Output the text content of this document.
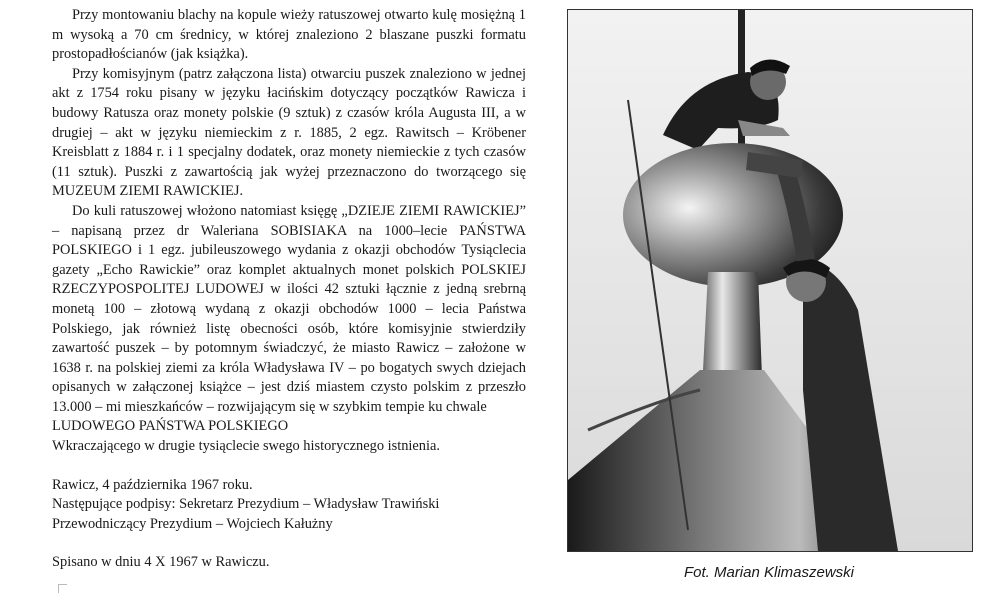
Przy montowaniu blachy na kopule wieży ratuszowej otwarto kulę mosiężną 1 m wysoką a 70 cm średnicy, w której znaleziono 2 blaszane puszki formatu prostopadłościanów (jak książka).

Przy komisyjnym (patrz załączona lista) otwarciu puszek znaleziono w jednej akt z 1754 roku pisany w języku łacińskim dotyczący początków Rawicza i budowy Ratusza oraz monety polskie (9 sztuk) z czasów króla Augusta III, a w drugiej – akt w języku niemieckim z r. 1885, 2 egz. Rawitsch – Kröbener Kreisblatt z 1884 r. i 1 specjalny dodatek, oraz monety niemieckie z tych czasów (11 sztuk). Puszki z zawartością jak wyżej przeznaczono do tworzącego się MUZEUM ZIEMI RAWICKIEJ.

Do kuli ratuszowej włożono natomiast księgę „DZIEJE ZIEMI RAWICKIEJ” – napisaną przez dr Waleriana SOBISIAKA na 1000–lecie PAŃSTWA POLSKIEGO i 1 egz. jubileuszowego wydania z okazji obchodów Tysiąclecia gazety „Echo Rawickie” oraz komplet aktualnych monet polskich POLSKIEJ RZECZYPOSPOLITEJ LUDOWEJ w ilości 42 sztuki łącznie z jedną srebrną monetą 100 – złotową wydaną z okazji obchodów 1000 – lecia Państwa Polskiego, jak również listę obecności osób, które komisyjnie stwierdziły zawartość puszek – by potomnym świadczyć, że miasto Rawicz – założone w 1638 r. na polskiej ziemi za króla Władysława IV – po bogatych swych dziejach opisanych w załączonej książce – jest dziś miastem czysto polskim z przeszło 13.000 – mi mieszkańców – rozwijającym się w szybkim tempie ku chwale

LUDOWEGO PAŃSTWA POLSKIEGO

Wkraczającego w drugie tysiąclecie swego historycznego istnienia.

Rawicz, 4 października 1967 roku.

Następujące podpisy: Sekretarz Prezydium – Władysław Trawiński

Przewodniczący Prezydium – Wojciech Kałużny

Spisano w dniu 4 X 1967 w Rawiczu.

Fot. Marian Klimaszewski
